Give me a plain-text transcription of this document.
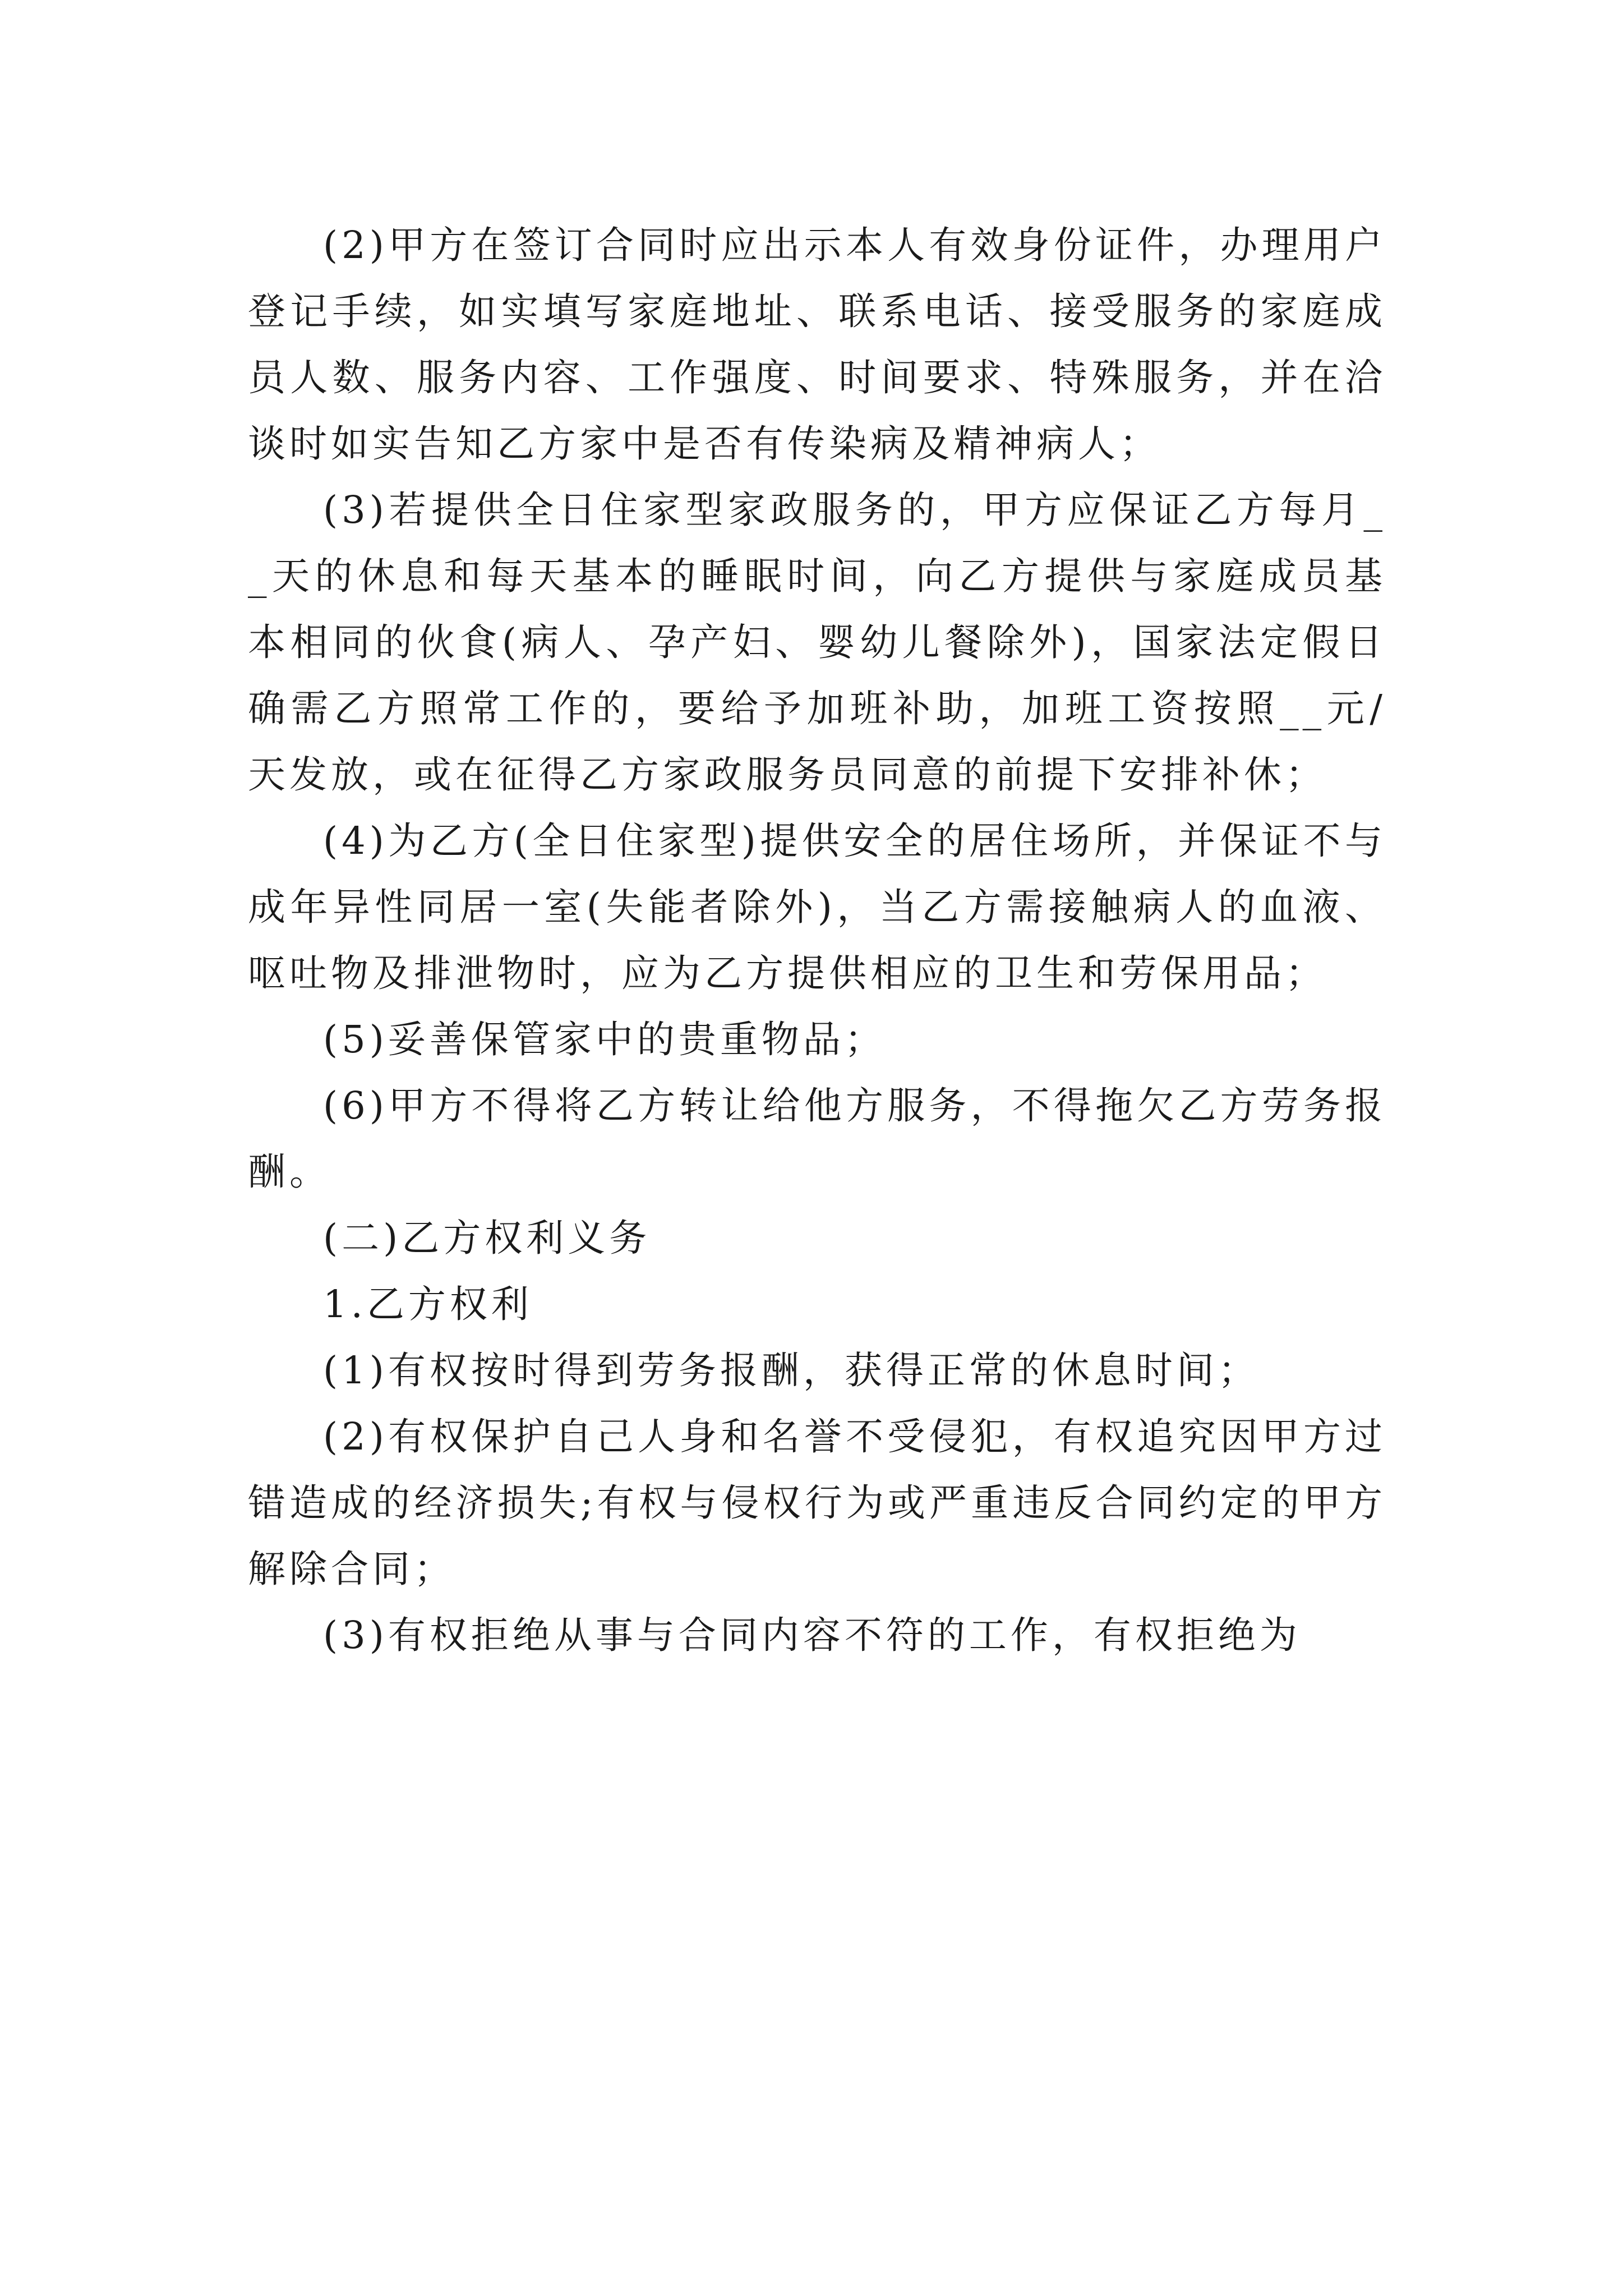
(2)甲方在签订合同时应出示本人有效身份证件，办理用户登记手续，如实填写家庭地址、联系电话、接受服务的家庭成员人数、服务内容、工作强度、时间要求、特殊服务，并在洽谈时如实告知乙方家中是否有传染病及精神病人；

(3)若提供全日住家型家政服务的，甲方应保证乙方每月__天的休息和每天基本的睡眠时间，向乙方提供与家庭成员基本相同的伙食(病人、孕产妇、婴幼儿餐除外)，国家法定假日确需乙方照常工作的，要给予加班补助，加班工资按照__元/天发放，或在征得乙方家政服务员同意的前提下安排补休；

(4)为乙方(全日住家型)提供安全的居住场所，并保证不与成年异性同居一室(失能者除外)，当乙方需接触病人的血液、呕吐物及排泄物时，应为乙方提供相应的卫生和劳保用品；

(5)妥善保管家中的贵重物品；

(6)甲方不得将乙方转让给他方服务，不得拖欠乙方劳务报酬。

(二)乙方权利义务

1.乙方权利

(1)有权按时得到劳务报酬，获得正常的休息时间；

(2)有权保护自己人身和名誉不受侵犯，有权追究因甲方过错造成的经济损失;有权与侵权行为或严重违反合同约定的甲方解除合同；

(3)有权拒绝从事与合同内容不符的工作，有权拒绝为
